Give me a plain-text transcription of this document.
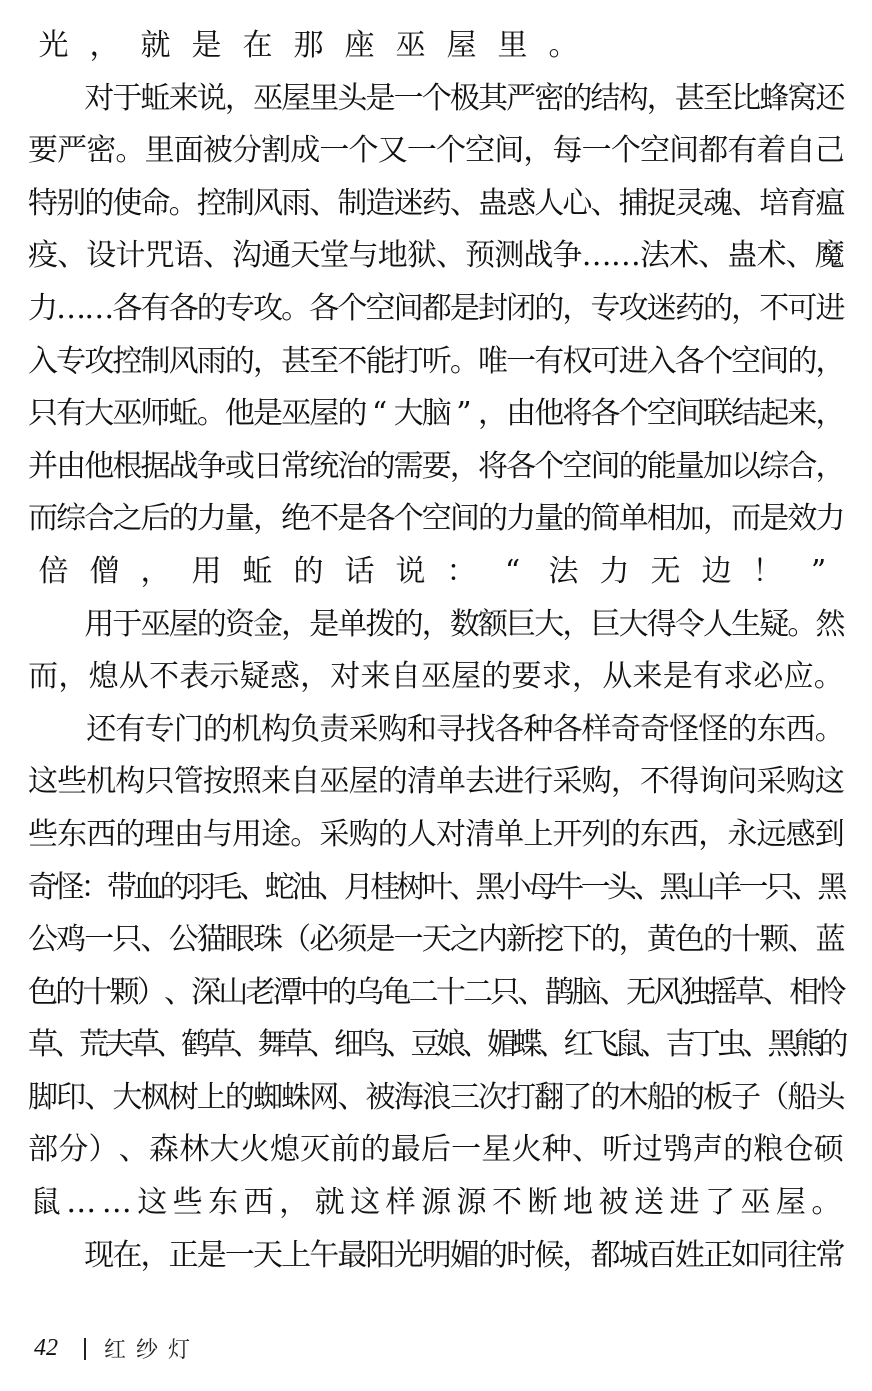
光 ， 就 是 在 那 座 巫 屋 里 。

对
于
蚯
来
说
，
巫
屋
里
头
是
一
个
极
其
严
密
的
结
构
，
甚
至
比
蜂
窝
还
要 严 密 。 里 面 被 分 割 成 一 个 又 一 个 空 间 ， 每 一 个 空 间 都 有 着 自 己
特
别
的
使
命
。
控
制
风
雨
、
制
造
迷
药
、
蛊
惑
人
心
、
捕
捉
灵
魂
、
培
育
瘟
疫 、 设 计 咒 语 、 沟 通 天 堂 与 地 狱 、 预 测 战 争 … … 法 术 、 蛊 术 、 魔
力
…
…
各
有
各
的
专
攻
。
各
个
空
间
都
是
封
闭
的
，
专
攻
迷
药
的
，
不
可
进
入
专
攻
控
制
风
雨
的
，
甚
至
不
能
打
听
。
唯
一
有
权
可
进
入
各
个
空
间
的
，
只
有
大
巫
师
蚯
。
他
是
巫
屋
的 “ 大
脑 ” ，
由
他
将
各
个
空
间
联
结
起
来
，
并
由
他
根
据
战
争
或
日
常
统
治
的
需
要
，
将
各
个
空
间
的
能
量
加
以
综
合
，
而
综
合
之
后
的
力
量
，
绝
不
是
各
个
空
间
的
力
量
的
简
单
相
加
，
而
是
效
力
倍 僧 ， 用 蚯 的 话 说 ： “ 法 力 无 边 ！ ”

用
于
巫
屋
的
资
金
，
是
单
拨
的
，
数
额
巨
大
，
巨
大
得
令
人
生
疑
。
然
而 ， 熄 从 不 表 示 疑 惑 ， 对 来 自 巫 屋 的 要 求 ， 从 来 是 有 求 必 应 。

还 有 专 门 的 机 构 负 责 采 购 和 寻 找 各 种 各 样 奇 奇 怪 怪 的 东 西 。
这 些 机 构 只 管 按 照 来 自 巫 屋 的 清 单 去 进 行 采 购 ， 不 得 询 问 采 购 这
些 东 西 的 理 由 与 用 途 。 采 购 的 人 对 清 单 上 开 列 的 东 西 ， 永 远 感 到
奇
怪
：
带
血
的
羽
毛
、
蛇
油
、
月
桂
树
叶
、
黑
小
母
牛
一
头
、
黑
山
羊
一
只
、
黑
公
鸡
一
只
、
公
猫
眼
珠
（
必
须
是
一
天
之
内
新
挖
下
的
，
黄
色
的
十
颗
、
蓝
色
的
十
颗
）
、
深
山
老
潭
中
的
乌
龟
二
十
二
只
、
鹊
脑
、
无
风
独
摇
草
、
相
怜
草
、
荒
夫
草
、
鹤
草
、
舞
草
、
细
鸟
、
豆
娘
、
媚
蝶
、
红
飞
鼠
、
吉
丁
虫
、
黑
熊
的
脚
印
、
大
枫
树
上
的
蜘
蛛
网
、
被
海
浪
三
次
打
翻
了
的
木
船
的
板
子
（
船
头
部 分 ） 、 森 林 大 火 熄 灭 前 的 最 后 一 星 火 种 、 听 过 鸮 声 的 粮 仓 硕
鼠 … … 这 些 东 西 ， 就 这 样 源 源 不 断 地 被 送 进 了 巫 屋 。

现
在
，
正
是
一
天
上
午
最
阳
光
明
媚
的
时
候
，
都
城
百
姓
正
如
同
往
常
42 红纱灯
